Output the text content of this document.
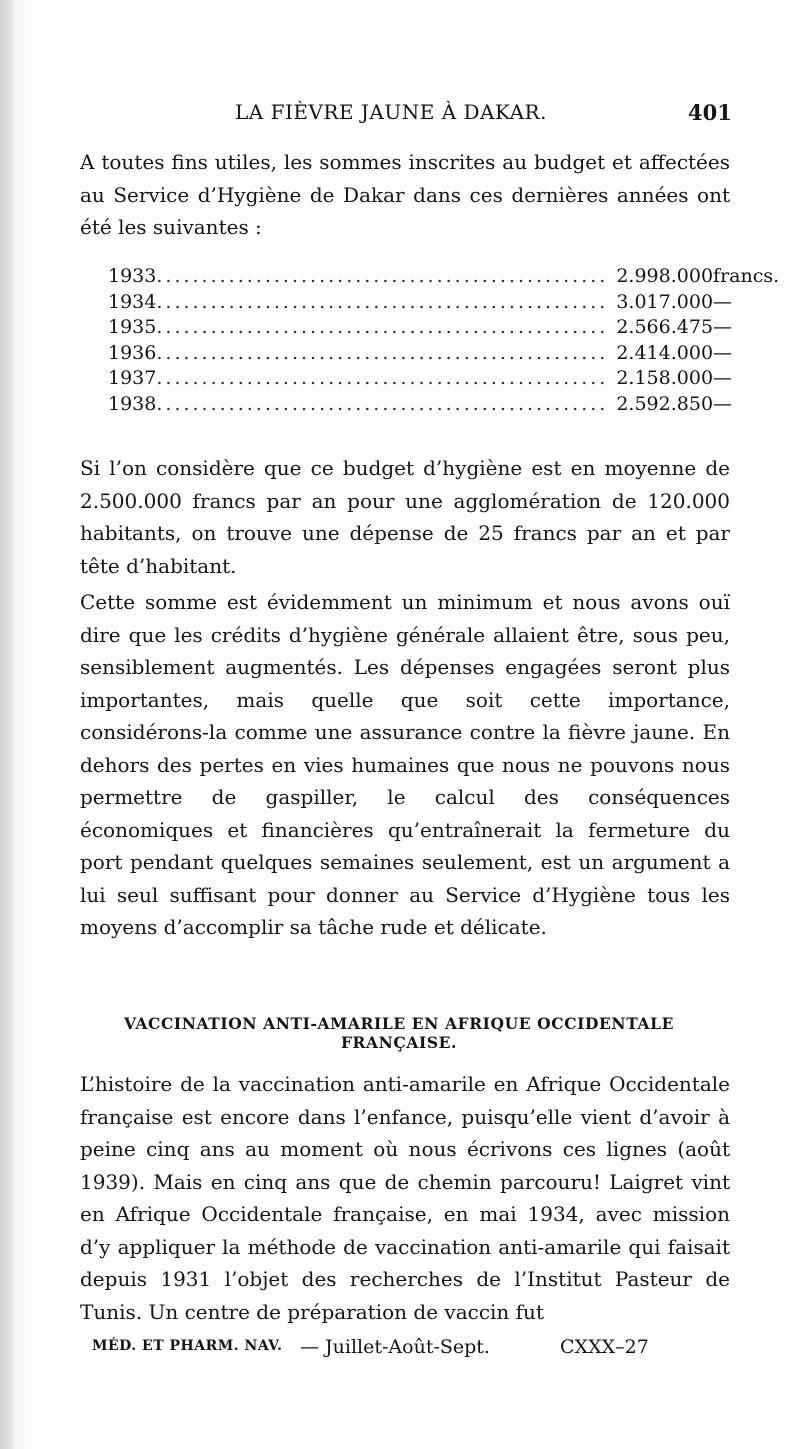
LA FIÈVRE JAUNE À DAKAR.	401

A toutes fins utiles, les sommes inscrites au budget et affectées au Service d’Hygiène de Dakar dans ces dernières années ont été les suivantes :

1933 .................................................. 2.998.000 francs.
1934 .................................................. 3.017.000 —
1935 .................................................. 2.566.475 —
1936 .................................................. 2.414.000 —
1937 .................................................. 2.158.000 —
1938 .................................................. 2.592.850 —

Si l’on considère que ce budget d’hygiène est en moyenne de 2.500.000 francs par an pour une agglomération de 120.000 habitants, on trouve une dépense de 25 francs par an et par tête d’habitant.

Cette somme est évidemment un minimum et nous avons ouï dire que les crédits d’hygiène générale allaient être, sous peu, sensiblement augmentés. Les dépenses engagées seront plus importantes, mais quelle que soit cette importance, considérons-la comme une assurance contre la fièvre jaune. En dehors des pertes en vies humaines que nous ne pouvons nous permettre de gaspiller, le calcul des conséquences économiques et financières qu’entraînerait la fermeture du port pendant quelques semaines seulement, est un argument a lui seul suffisant pour donner au Service d’Hygiène tous les moyens d’accomplir sa tâche rude et délicate.

VACCINATION ANTI-AMARILE EN AFRIQUE OCCIDENTALE FRANÇAISE.

L’histoire de la vaccination anti-amarile en Afrique Occidentale française est encore dans l’enfance, puisqu’elle vient d’avoir à peine cinq ans au moment où nous écrivons ces lignes (août 1939). Mais en cinq ans que de chemin parcouru! Laigret vint en Afrique Occidentale française, en mai 1934, avec mission d’y appliquer la méthode de vaccination anti-amarile qui faisait depuis 1931 l’objet des recherches de l’Institut Pasteur de Tunis. Un centre de préparation de vaccin fut

MÉD. ET PHARM. NAV. — Juillet-Août-Sept.	CXXX–27
